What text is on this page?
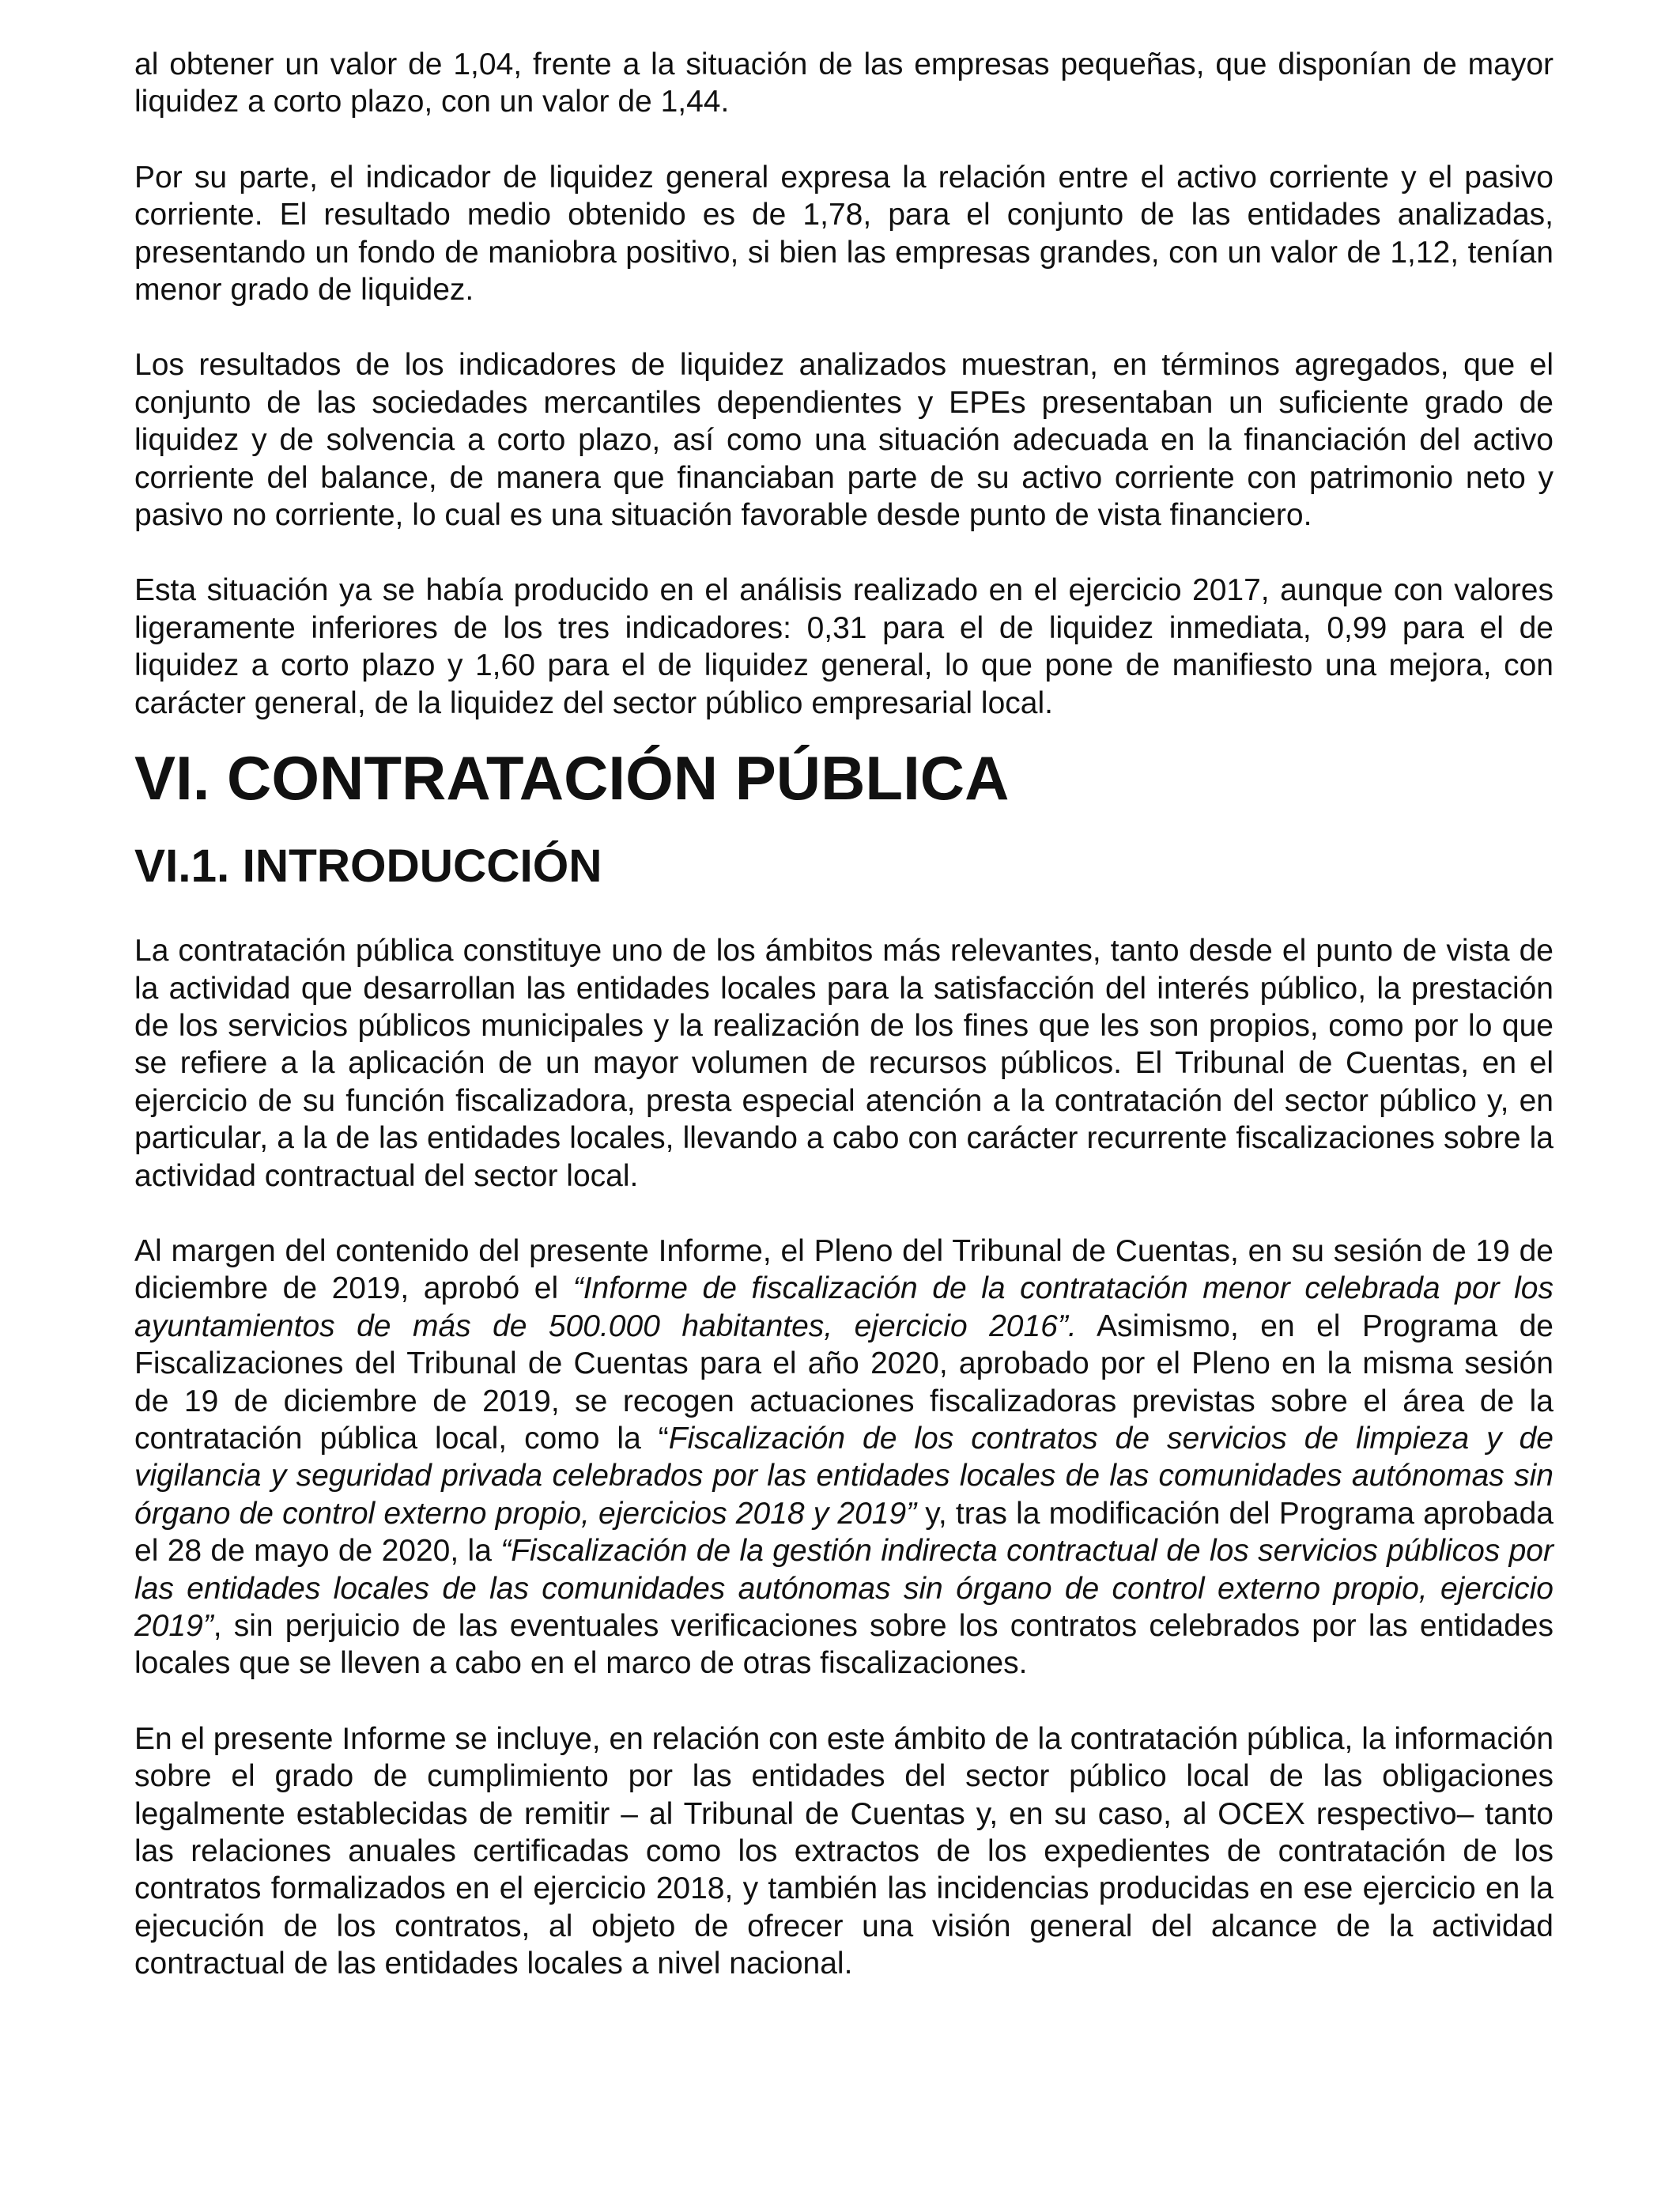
al obtener un valor de 1,04, frente a la situación de las empresas pequeñas, que disponían de mayor liquidez a corto plazo, con un valor de 1,44.

Por su parte, el indicador de liquidez general expresa la relación entre el activo corriente y el pasivo corriente. El resultado medio obtenido es de 1,78, para el conjunto de las entidades analizadas, presentando un fondo de maniobra positivo, si bien las empresas grandes, con un valor de 1,12, tenían menor grado de liquidez.

Los resultados de los indicadores de liquidez analizados muestran, en términos agregados, que el conjunto de las sociedades mercantiles dependientes y EPEs presentaban un suficiente grado de liquidez y de solvencia a corto plazo, así como una situación adecuada en la financiación del activo corriente del balance, de manera que financiaban parte de su activo corriente con patrimonio neto y pasivo no corriente, lo cual es una situación favorable desde punto de vista financiero.

Esta situación ya se había producido en el análisis realizado en el ejercicio 2017, aunque con valores ligeramente inferiores de los tres indicadores: 0,31 para el de liquidez inmediata, 0,99 para el de liquidez a corto plazo y 1,60 para el de liquidez general, lo que pone de manifiesto una mejora, con carácter general, de la liquidez del sector público empresarial local.

VI. CONTRATACIÓN PÚBLICA
VI.1. INTRODUCCIÓN

La contratación pública constituye uno de los ámbitos más relevantes, tanto desde el punto de vista de la actividad que desarrollan las entidades locales para la satisfacción del interés público, la prestación de los servicios públicos municipales y la realización de los fines que les son propios, como por lo que se refiere a la aplicación de un mayor volumen de recursos públicos. El Tribunal de Cuentas, en el ejercicio de su función fiscalizadora, presta especial atención a la contratación del sector público y, en particular, a la de las entidades locales, llevando a cabo con carácter recurrente fiscalizaciones sobre la actividad contractual del sector local.

Al margen del contenido del presente Informe, el Pleno del Tribunal de Cuentas, en su sesión de 19 de diciembre de 2019, aprobó el “Informe de fiscalización de la contratación menor celebrada por los ayuntamientos de más de 500.000 habitantes, ejercicio 2016”. Asimismo, en el Programa de Fiscalizaciones del Tribunal de Cuentas para el año 2020, aprobado por el Pleno en la misma sesión de 19 de diciembre de 2019, se recogen actuaciones fiscalizadoras previstas sobre el área de la contratación pública local, como la “Fiscalización de los contratos de servicios de limpieza y de vigilancia y seguridad privada celebrados por las entidades locales de las comunidades autónomas sin órgano de control externo propio, ejercicios 2018 y 2019” y, tras la modificación del Programa aprobada el 28 de mayo de 2020, la “Fiscalización de la gestión indirecta contractual de los servicios públicos por las entidades locales de las comunidades autónomas sin órgano de control externo propio, ejercicio 2019”, sin perjuicio de las eventuales verificaciones sobre los contratos celebrados por las entidades locales que se lleven a cabo en el marco de otras fiscalizaciones.

En el presente Informe se incluye, en relación con este ámbito de la contratación pública, la información sobre el grado de cumplimiento por las entidades del sector público local de las obligaciones legalmente establecidas de remitir – al Tribunal de Cuentas y, en su caso, al OCEX respectivo– tanto las relaciones anuales certificadas como los extractos de los expedientes de contratación de los contratos formalizados en el ejercicio 2018, y también las incidencias producidas en ese ejercicio en la ejecución de los contratos, al objeto de ofrecer una visión general del alcance de la actividad contractual de las entidades locales a nivel nacional.
